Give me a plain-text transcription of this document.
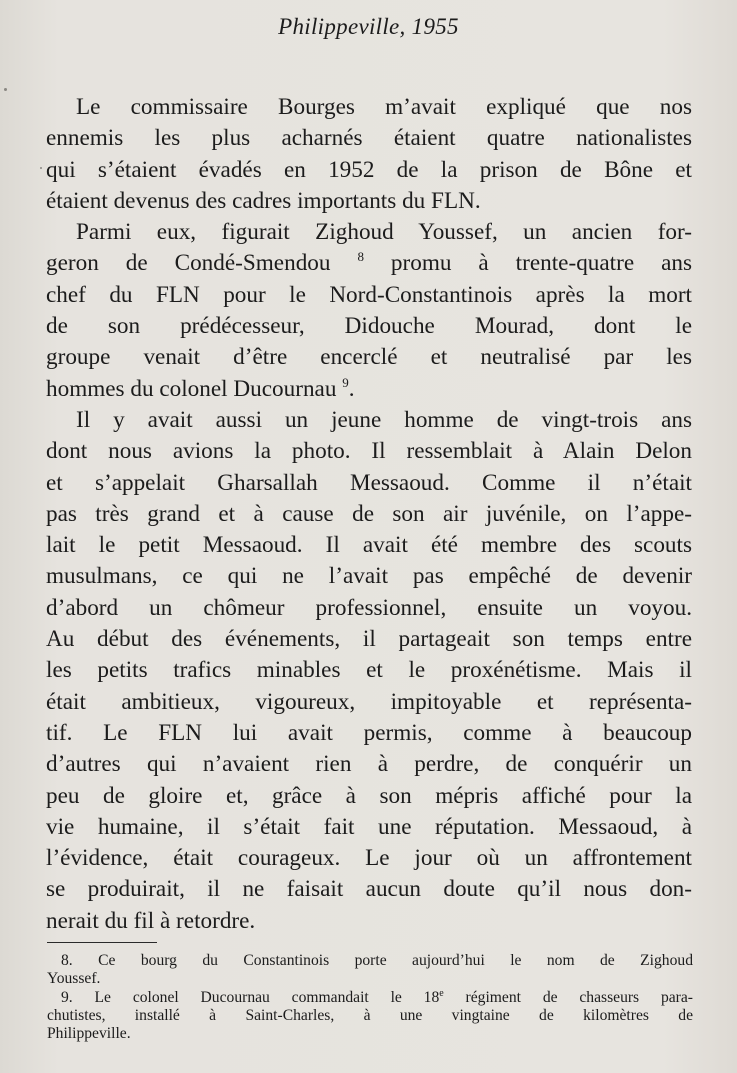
Philippeville, 1955
Le commissaire Bourges m’avait expliqué que nos
ennemis les plus acharnés étaient quatre nationalistes
qui s’étaient évadés en 1952 de la prison de Bône et
étaient devenus des cadres importants du FLN.
Parmi eux, figurait Zighoud Youssef, un ancien for-
geron de Condé-Smendou $^8$ promu à trente-quatre ans
chef du FLN pour le Nord-Constantinois après la mort
de son prédécesseur, Didouche Mourad, dont le
groupe venait d’être encerclé et neutralisé par les
hommes du colonel Ducournau $^9$.
Il y avait aussi un jeune homme de vingt-trois ans
dont nous avions la photo. Il ressemblait à Alain Delon
et s’appelait Gharsallah Messaoud. Comme il n’était
pas très grand et à cause de son air juvénile, on l’appe-
lait le petit Messaoud. Il avait été membre des scouts
musulmans, ce qui ne l’avait pas empêché de devenir
d’abord un chômeur professionnel, ensuite un voyou.
Au début des événements, il partageait son temps entre
les petits trafics minables et le proxénétisme. Mais il
était ambitieux, vigoureux, impitoyable et représenta-
tif. Le FLN lui avait permis, comme à beaucoup
d’autres qui n’avaient rien à perdre, de conquérir un
peu de gloire et, grâce à son mépris affiché pour la
vie humaine, il s’était fait une réputation. Messaoud, à
l’évidence, était courageux. Le jour où un affrontement
se produirait, il ne faisait aucun doute qu’il nous don-
nerait du fil à retordre.
8. Ce bourg du Constantinois porte aujourd’hui le nom de Zighoud
Youssef.
9. Le colonel Ducournau commandait le 18e régiment de chasseurs para-
chutistes, installé à Saint-Charles, à une vingtaine de kilomètres de
Philippeville.
